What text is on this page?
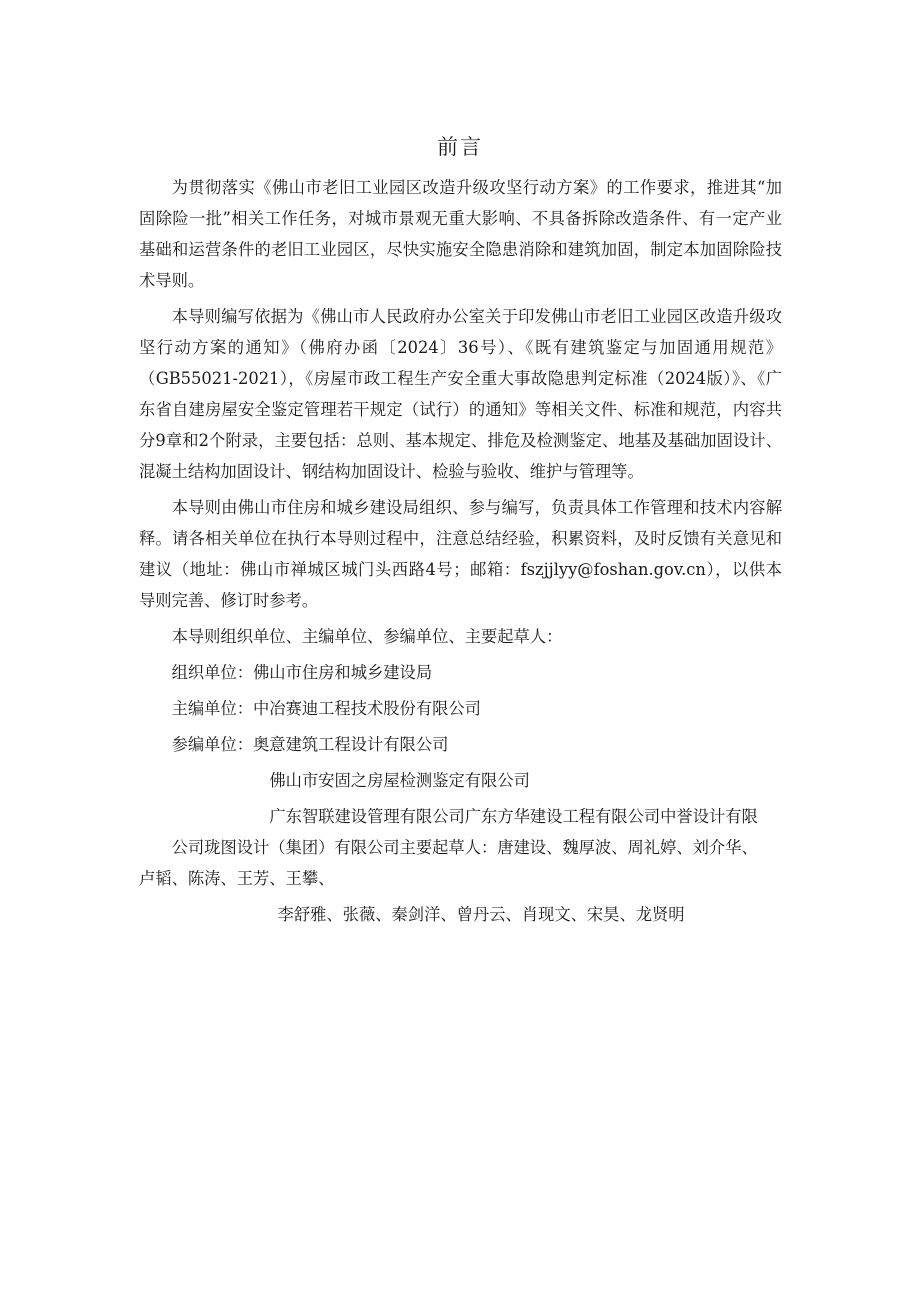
前言

为贯彻落实《佛山市老旧工业园区改造升级攻坚行动方案》的工作要求，推进其“加固除险一批”相关工作任务，对城市景观无重大影响、不具备拆除改造条件、有一定产业基础和运营条件的老旧工业园区，尽快实施安全隐患消除和建筑加固，制定本加固除险技术导则。

本导则编写依据为《佛山市人民政府办公室关于印发佛山市老旧工业园区改造升级攻坚行动方案的通知》（佛府办函〔2024〕36号）、《既有建筑鉴定与加固通用规范》（GB55021-2021），《房屋市政工程生产安全重大事故隐患判定标准（2024版）》、《广东省自建房屋安全鉴定管理若干规定（试行）的通知》等相关文件、标准和规范，内容共分9章和2个附录，主要包括：总则、基本规定、排危及检测鉴定、地基及基础加固设计、混凝土结构加固设计、钢结构加固设计、检验与验收、维护与管理等。

本导则由佛山市住房和城乡建设局组织、参与编写，负责具体工作管理和技术内容解释。请各相关单位在执行本导则过程中，注意总结经验，积累资料，及时反馈有关意见和建议（地址：佛山市禅城区城门头西路4号；邮箱：fszjjlyy@foshan.gov.cn），以供本导则完善、修订时参考。

本导则组织单位、主编单位、参编单位、主要起草人：

组织单位：佛山市住房和城乡建设局

主编单位：中冶赛迪工程技术股份有限公司

参编单位：奥意建筑工程设计有限公司

佛山市安固之房屋检测鉴定有限公司

广东智联建设管理有限公司广东方华建设工程有限公司中誉设计有限

公司珑图设计（集团）有限公司主要起草人：唐建设、魏厚波、周礼婷、刘介华、

卢韬、陈涛、王芳、王攀、

李舒雅、张薇、秦剑洋、曾丹云、肖现文、宋昊、龙贤明
